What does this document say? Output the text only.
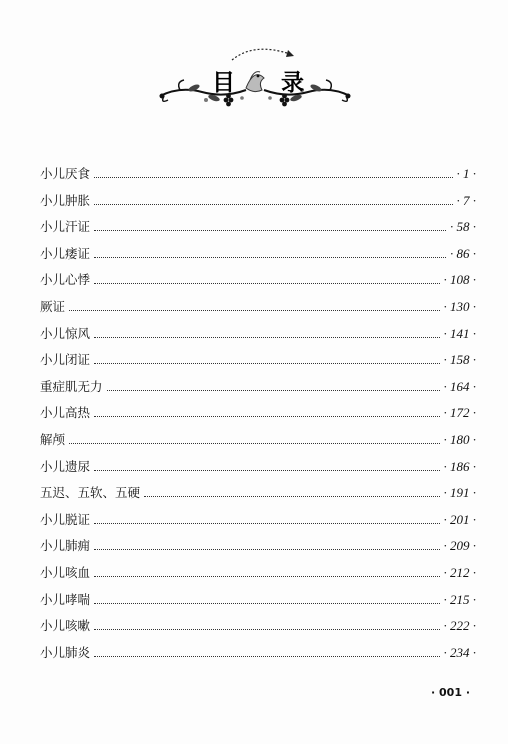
目 录
小儿厌食	· 1 ·
小儿肿胀	· 7 ·
小儿汗证	· 58 ·
小儿痿证	· 86 ·
小儿心悸	· 108 ·
厥证	· 130 ·
小儿惊风	· 141 ·
小儿闭证	· 158 ·
重症肌无力	· 164 ·
小儿高热	· 172 ·
解颅	· 180 ·
小儿遗尿	· 186 ·
五迟、五软、五硬	· 191 ·
小儿脱证	· 201 ·
小儿肺痈	· 209 ·
小儿咳血	· 212 ·
小儿哮喘	· 215 ·
小儿咳嗽	· 222 ·
小儿肺炎	· 234 ·
· 001 ·
